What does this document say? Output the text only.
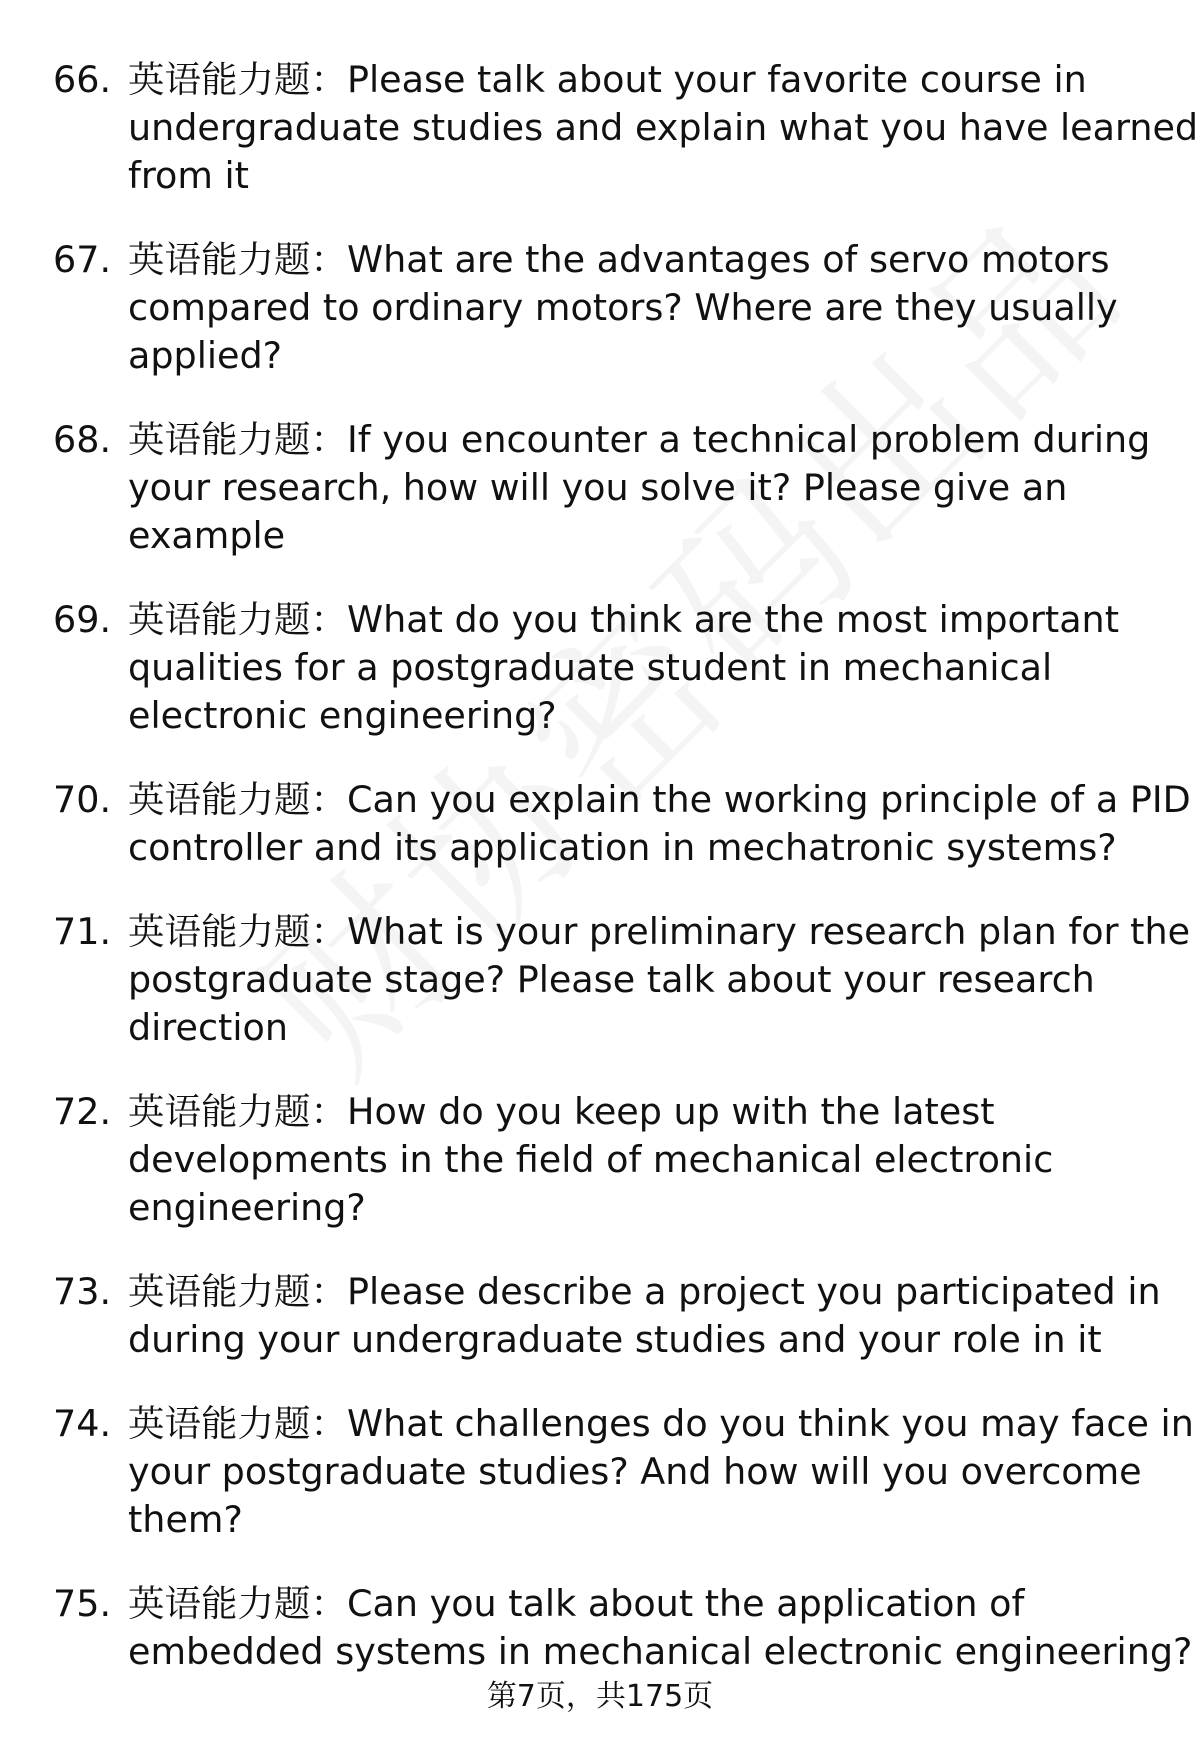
66. 英语能力题：Please talk about your favorite course in
undergraduate studies and explain what you have learned
from it
67. 英语能力题：What are the advantages of servo motors
compared to ordinary motors? Where are they usually
applied?
68. 英语能力题：If you encounter a technical problem during
your research, how will you solve it? Please give an
example
69. 英语能力题：What do you think are the most important
qualities for a postgraduate student in mechanical
electronic engineering?
70. 英语能力题：Can you explain the working principle of a PID
controller and its application in mechatronic systems?
71. 英语能力题：What is your preliminary research plan for the
postgraduate stage? Please talk about your research
direction
72. 英语能力题：How do you keep up with the latest
developments in the field of mechanical electronic
engineering?
73. 英语能力题：Please describe a project you participated in
during your undergraduate studies and your role in it
74. 英语能力题：What challenges do you think you may face in
your postgraduate studies? And how will you overcome
them?
75. 英语能力题：Can you talk about the application of
embedded systems in mechanical electronic engineering?
第7页，共175页
